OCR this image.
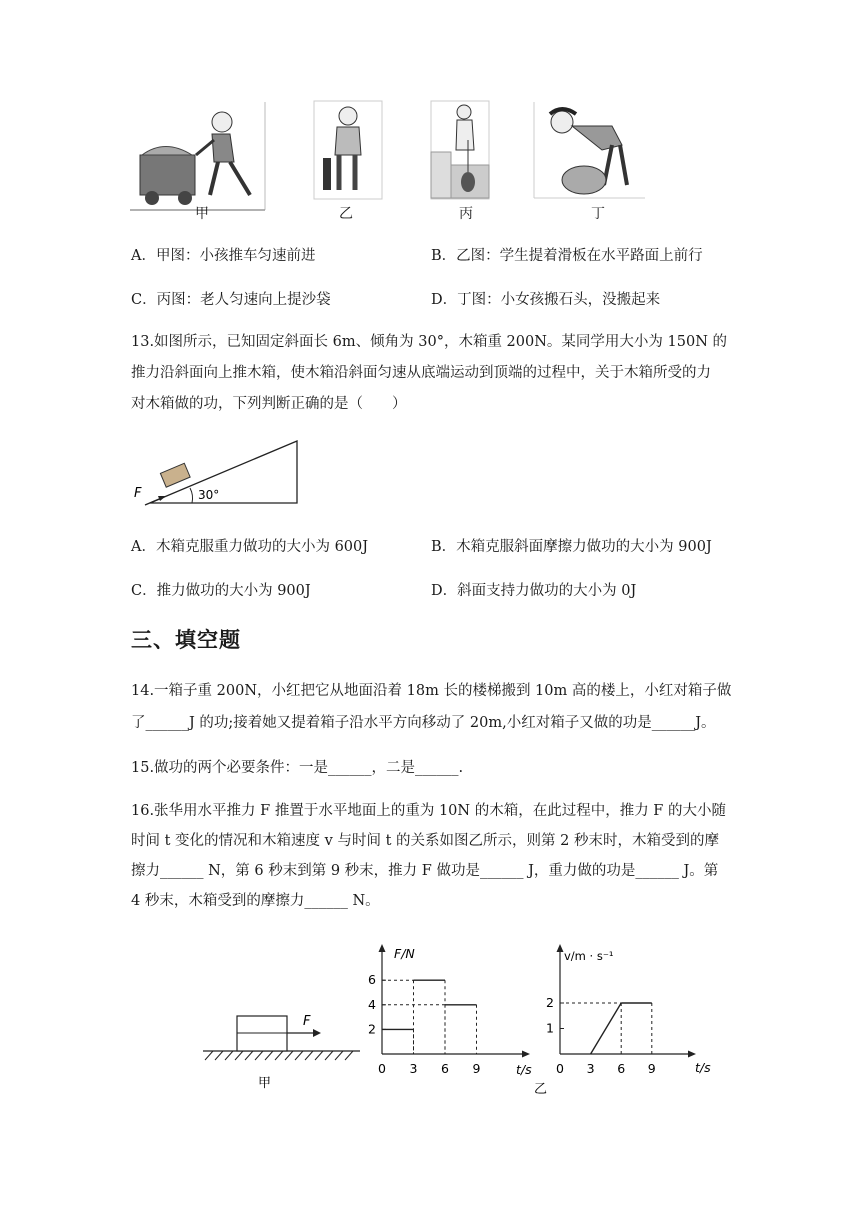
甲	乙	丙	丁
A．甲图：小孩推车匀速前进	B．乙图：学生提着滑板在水平路面上前行
C．丙图：老人匀速向上提沙袋	D．丁图：小女孩搬石头，没搬起来
13.如图所示，已知固定斜面长 6m、倾角为 30°，木箱重 200N。某同学用大小为 150N 的
推力沿斜面向上推木箱，使木箱沿斜面匀速从底端运动到顶端的过程中，关于木箱所受的力
对木箱做的功，下列判断正确的是（　　）
F	30°
A．木箱克服重力做功的大小为 600J	B．木箱克服斜面摩擦力做功的大小为 900J
C．推力做功的大小为 900J	D．斜面支持力做功的大小为 0J
三、填空题
14.一箱子重 200N，小红把它从地面沿着 18m 长的楼梯搬到 10m 高的楼上，小红对箱子做
了______J 的功;接着她又提着箱子沿水平方向移动了 20m,小红对箱子又做的功是______J。
15.做功的两个必要条件：一是______，二是______.
16.张华用水平推力 F 推置于水平地面上的重为 10N 的木箱，在此过程中，推力 F 的大小随
时间 t 变化的情况和木箱速度 v 与时间 t 的关系如图乙所示，则第 2 秒末时，木箱受到的摩
擦力______ N，第 6 秒末到第 9 秒末，推力 F 做功是______ J，重力做的功是______ J。第
4 秒末，木箱受到的摩擦力______ N。
F
甲
0 3 6 9
2
4
6
F/N
t/s 0 3 6 9
1
2
v/m · s⁻¹
t/s
乙
